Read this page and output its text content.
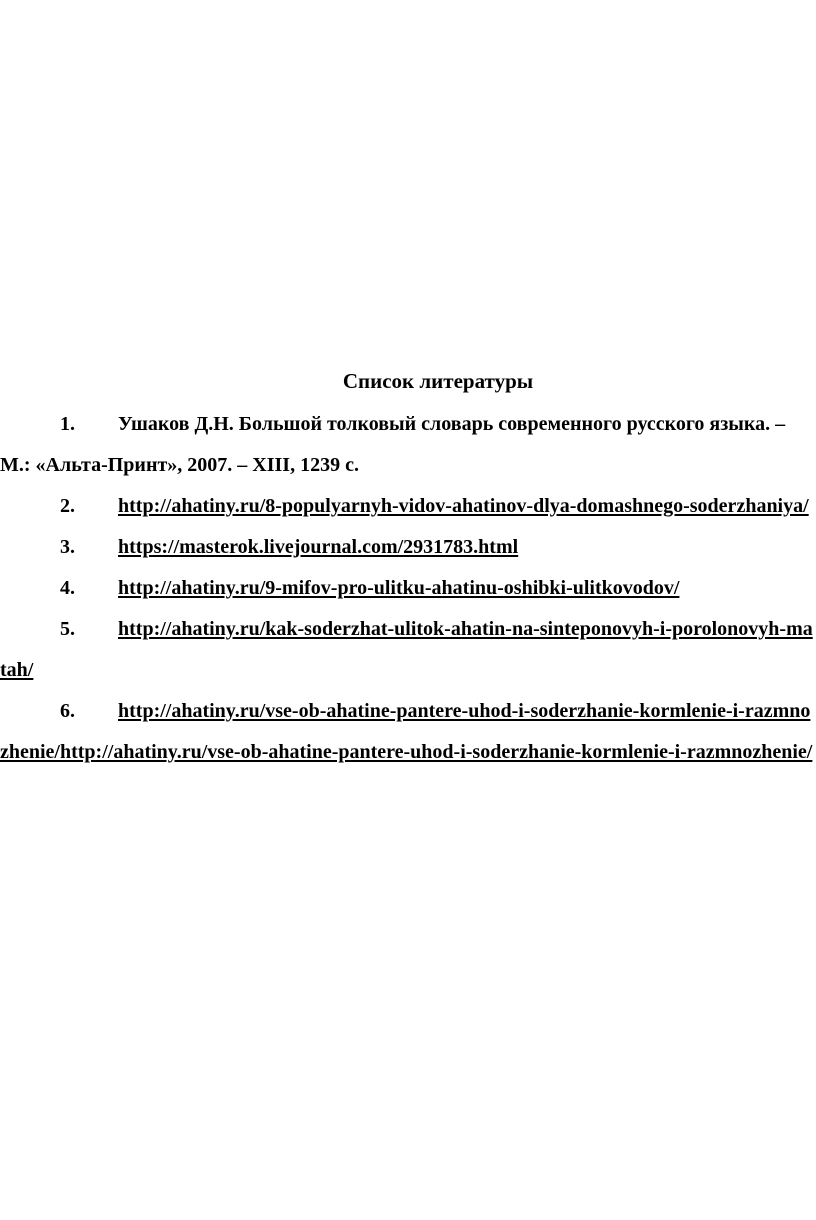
Список литературы
1. Ушаков Д.Н. Большой толковый словарь современного русского языка. – М.: «Альта-Принт», 2007. – XIII, 1239 с.
2. http://ahatiny.ru/8-populyarnyh-vidov-ahatinov-dlya-domashnego-soderzhaniya/
3. https://masterok.livejournal.com/2931783.html
4. http://ahatiny.ru/9-mifov-pro-ulitku-ahatinu-oshibki-ulitkovodov/
5. http://ahatiny.ru/kak-soderzhat-ulitok-ahatin-na-sinteponovyh-i-porolonovyh-matah/
6. http://ahatiny.ru/vse-ob-ahatine-pantere-uhod-i-soderzhanie-kormlenie-i-razmnozhenie/http://ahatiny.ru/vse-ob-ahatine-pantere-uhod-i-soderzhanie-kormlenie-i-razmnozhenie/
